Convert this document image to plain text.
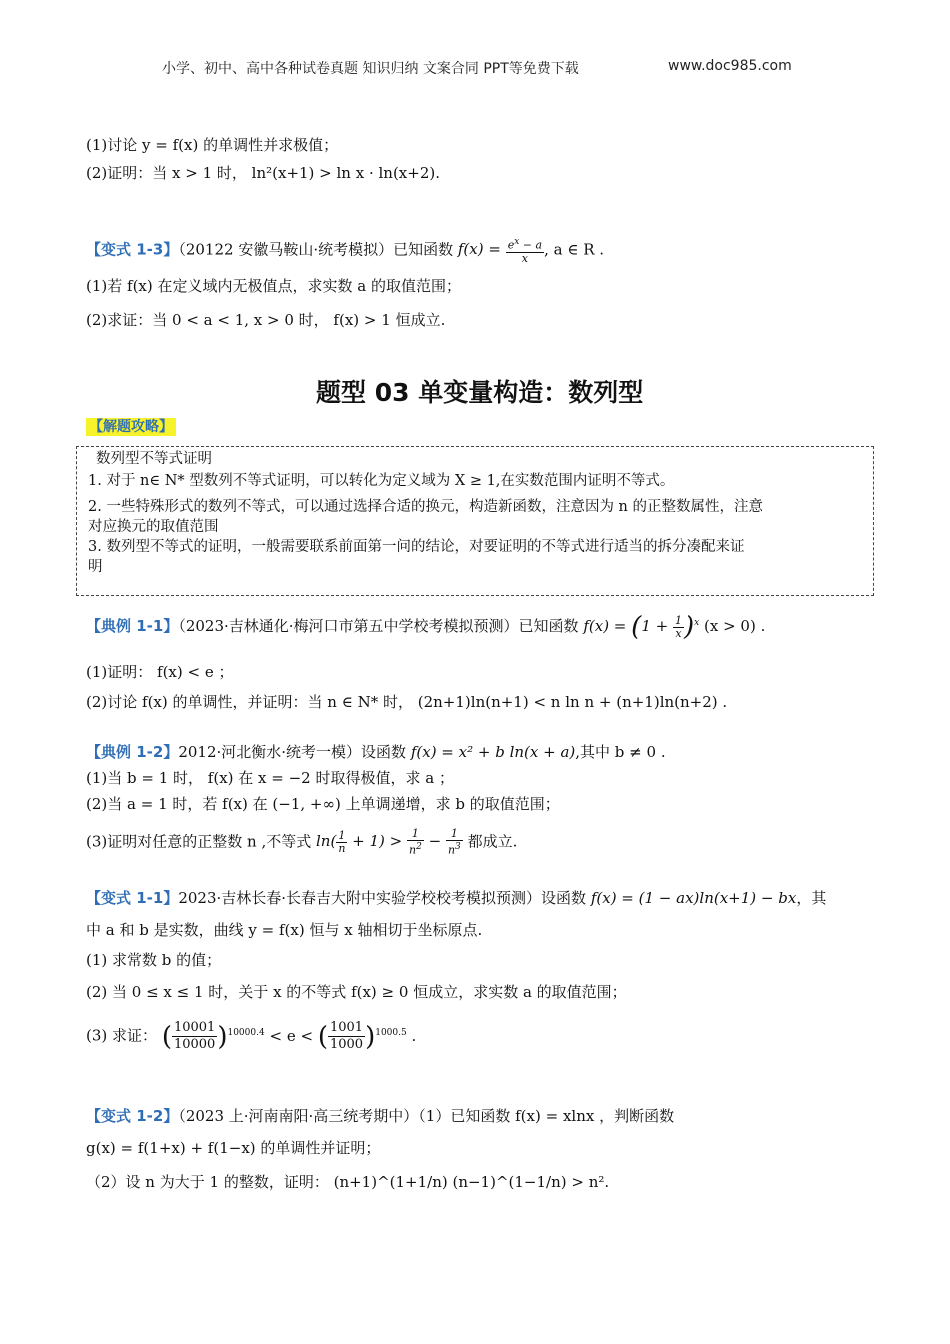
小学、初中、高中各种试卷真题 知识归纳 文案合同 PPT等免费下载	www.doc985.com
(1)讨论 y = f(x) 的单调性并求极值；
(2)证明：当 x > 1 时， ln²(x+1) > ln x · ln(x+2).
【变式 1-3】（20122 安徽马鞍山·统考模拟）已知函数 $f(x) = \frac{e^x - a}{x}$ , a ∈ R .
(1)若 f(x) 在定义域内无极值点，求实数 a 的取值范围；
(2)求证：当 0 < a < 1, x > 0 时， f(x) > 1 恒成立.
题型 03 单变量构造：数列型
【解题攻略】
数列型不等式证明
1. 对于 n∈ N* 型数列不等式证明，可以转化为定义域为 X ≥ 1,在实数范围内证明不等式。
2. 一些特殊形式的数列不等式，可以通过选择合适的换元，构造新函数，注意因为 n 的正整数属性，注意
对应换元的取值范围
3. 数列型不等式的证明，一般需要联系前面第一问的结论，对要证明的不等式进行适当的拆分凑配来证
明
【典例 1-1】（2023·吉林通化·梅河口市第五中学校考模拟预测）已知函数 $f(x) = (1 + \frac{1}{x} )^x$ (x > 0) .
(1)证明： f(x) < e ；
(2)讨论 f(x) 的单调性，并证明：当 n ∈ N* 时， (2n+1)ln(n+1) < n ln n + (n+1)ln(n+2) .
【典例 1-2】2012·河北衡水·统考一模）设函数 f(x) = x² + b ln(x + a),其中 b ≠ 0 .
(1)当 b = 1 时， f(x) 在 x = −2 时取得极值，求 a ；
(2)当 a = 1 时，若 f(x) 在 (−1, +∞) 上单调递增，求 b 的取值范围；
(3)证明对任意的正整数 n ,不等式 $\ln( \frac{1}{n} + 1) > \frac{1}{n^2} - \frac{1}{n^3}$ 都成立.
【变式 1-1】2023·吉林长春·长春吉大附中实验学校校考模拟预测）设函数 f(x) = (1 − ax)ln(x+1) − bx，其
中 a 和 b 是实数，曲线 y = f(x) 恒与 x 轴相切于坐标原点.
(1) 求常数 b 的值；
(2) 当 0 ≤ x ≤ 1 时，关于 x 的不等式 f(x) ≥ 0 恒成立，求实数 a 的取值范围；
(3) 求证： ( $\frac{10001}{10000} )^{10000.4} < e$ < ( $\frac{1001}{1000} )^{1000.5}$ .
【变式 1-2】（2023 上·河南南阳·高三统考期中）（1）已知函数 f(x) = xlnx ，判断函数
g(x) = f(1+x) + f(1−x) 的单调性并证明；
（2）设 n 为大于 1 的整数，证明： (n+1)^(1+1/n) (n−1)^(1−1/n) > n².
